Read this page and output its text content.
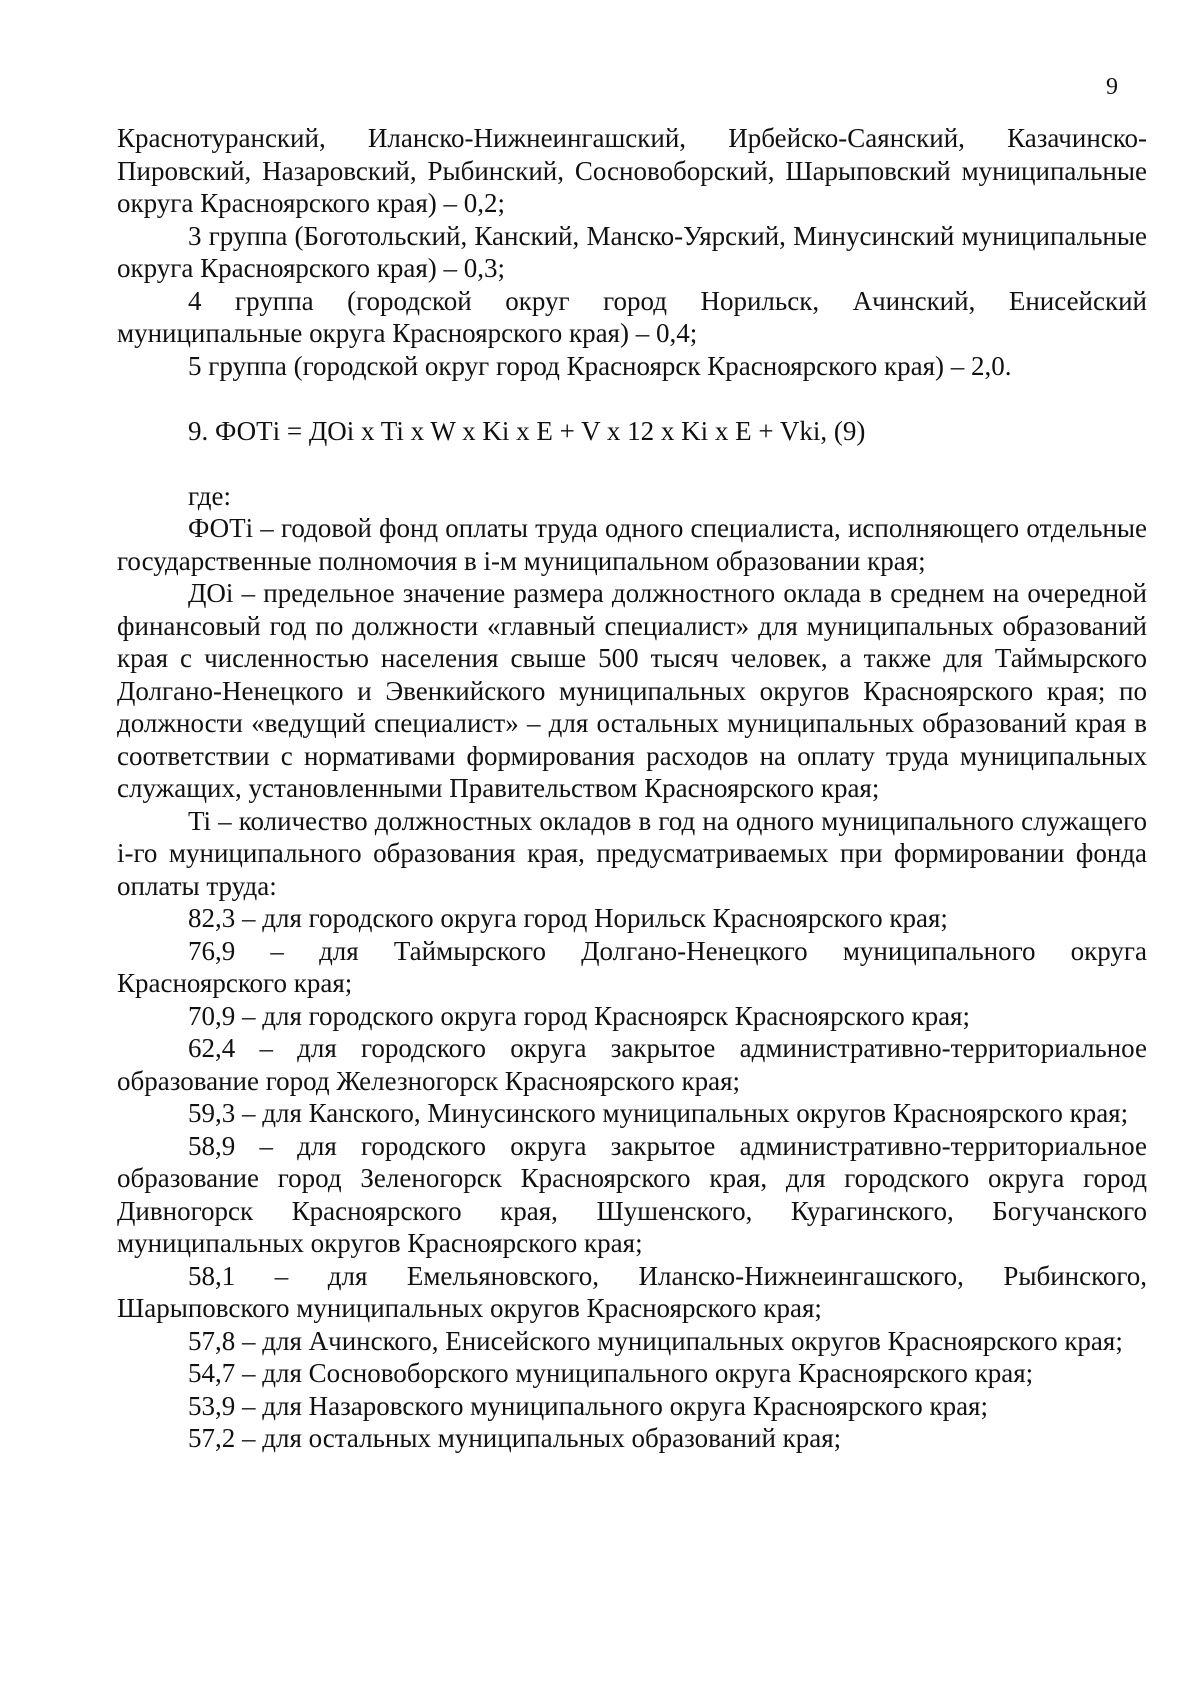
9

Краснотуранский, Иланско-Нижнеингашский, Ирбейско-Саянский, Казачинско-Пировский, Назаровский, Рыбинский, Сосновоборский, Шарыповский муниципальные округа Красноярского края) – 0,2;

3 группа (Боготольский, Канский, Манско-Уярский, Минусинский муниципальные округа Красноярского края) – 0,3;

4 группа (городской округ город Норильск, Ачинский, Енисейский муниципальные округа Красноярского края) – 0,4;

5 группа (городской округ город Красноярск Красноярского края) – 2,0.

9. ФОТi = ДОi x Ti x W x Ki x E + V x 12 x Ki x E + Vki, (9)

где:

ФОТi – годовой фонд оплаты труда одного специалиста, исполняющего отдельные государственные полномочия в i-м муниципальном образовании края;

ДОi – предельное значение размера должностного оклада в среднем на очередной финансовый год по должности «главный специалист» для муниципальных образований края с численностью населения свыше 500 тысяч человек, а также для Таймырского Долгано-Ненецкого и Эвенкийского муниципальных округов Красноярского края; по должности «ведущий специалист» – для остальных муниципальных образований края в соответствии с нормативами формирования расходов на оплату труда муниципальных служащих, установленными Правительством Красноярского края;

Ti – количество должностных окладов в год на одного муниципального служащего i-го муниципального образования края, предусматриваемых при формировании фонда оплаты труда:

82,3 – для городского округа город Норильск Красноярского края;

76,9 – для Таймырского Долгано-Ненецкого муниципального округа Красноярского края;

70,9 – для городского округа город Красноярск Красноярского края;

62,4 – для городского округа закрытое административно-территориальное образование город Железногорск Красноярского края;

59,3 – для Канского, Минусинского муниципальных округов Красноярского края;

58,9 – для городского округа закрытое административно-территориальное образование город Зеленогорск Красноярского края, для городского округа город Дивногорск Красноярского края, Шушенского, Курагинского, Богучанского муниципальных округов Красноярского края;

58,1 – для Емельяновского, Иланско-Нижнеингашского, Рыбинского, Шарыповского муниципальных округов Красноярского края;

57,8 – для Ачинского, Енисейского муниципальных округов Красноярского края;

54,7 – для Сосновоборского муниципального округа Красноярского края;

53,9 – для Назаровского муниципального округа Красноярского края;

57,2 – для остальных муниципальных образований края;
